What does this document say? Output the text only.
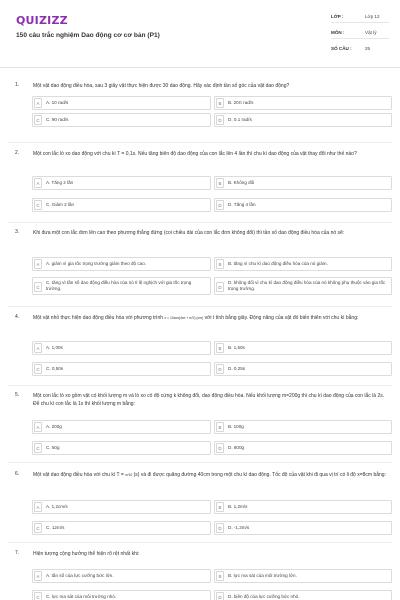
QUIZIZZ
150 câu trắc nghiệm Dao động cơ cơ bản (P1)
LỚP :	Lớp 12
MÔN :	Vật lý
SỐ CÂU :	25
1.	Một vật dao động điều hòa, sau 3 giây vật thực hiện được 30 dao động. Hãy xác định tần số góc của vật dao động?
A	A. 10 rad/s	B	B. 20π rad/s
C	C. 90 rad/s	D	D. 0.1 rad/s
2.	Một con lắc lò xo dao động với chu kì T = 0,1s. Nếu tăng biên độ dao động của con lắc lên 4 lần thì chu kì dao động của vật thay đổi như thế nào?
A	A. Tăng 2 lần	B	B. Không đổi
C	C. Giảm 2 lần	D	D. Tăng 4 lần
3.	Khi đưa một con lắc đơn lên cao theo phương thẳng đứng (coi chiều dài của con lắc đơn không đổi) thì tần số dao động điều hòa của nó sẽ:
A	A. giảm vì gia tốc trọng trường giảm theo độ cao.	B	B. tăng vì chu kì dao động điều hòa của nó giảm.
C
C. tăng vì tần số dao động điều hòa của nó tỉ lệ nghịch với gia tốc trọng trường.	D
D. không đổi vì chu kì dao động điều hòa của nó không phụ thuộc vào gia tốc trọng trường.
4.	Một vật nhỏ thực hiện dao động điều hòa với phương trình x = 10cos(4πt + π/2) (cm) với t tính bằng giây. Động năng của vật đó biến thiên với chu kì bằng:
A	A. 1,00s	B	B. 1,50s
C	C. 0,50s	D	D. 0,25s
5.	Một con lắc lò xo gồm vật có khối lượng m và lò xo có độ cứng k không đổi, dao động điều hòa. Nếu khối lượng m=200g thì chu kì dao động của con lắc là 2s. Để chu kì con lắc là 1s thì khối lượng m bằng:
A	A. 200g	B	B. 100g
C	C. 50g	D	D. 800g
6.	Một vật dao động điều hòa với chu kì T = π/10 (s) và đi được quãng đường 40cm trong một chu kì dao động. Tốc độ của vật khi đi qua vị trí có li độ x=8cm bằng:
A	A. 1,2cm/s	B	B. 1,2m/s
C	C. 12m/s	D	D. -1,2m/s
7.	Hiện tượng cộng hưởng thể hiện rõ rệt nhất khi:
A	A. tần số của lực cưỡng bức lớn.	B	B. lực ma sát của môi trường lớn.
C	C. lực ma sát của môi trường nhỏ.	D	D. biên độ của lực cưỡng bức nhỏ.
